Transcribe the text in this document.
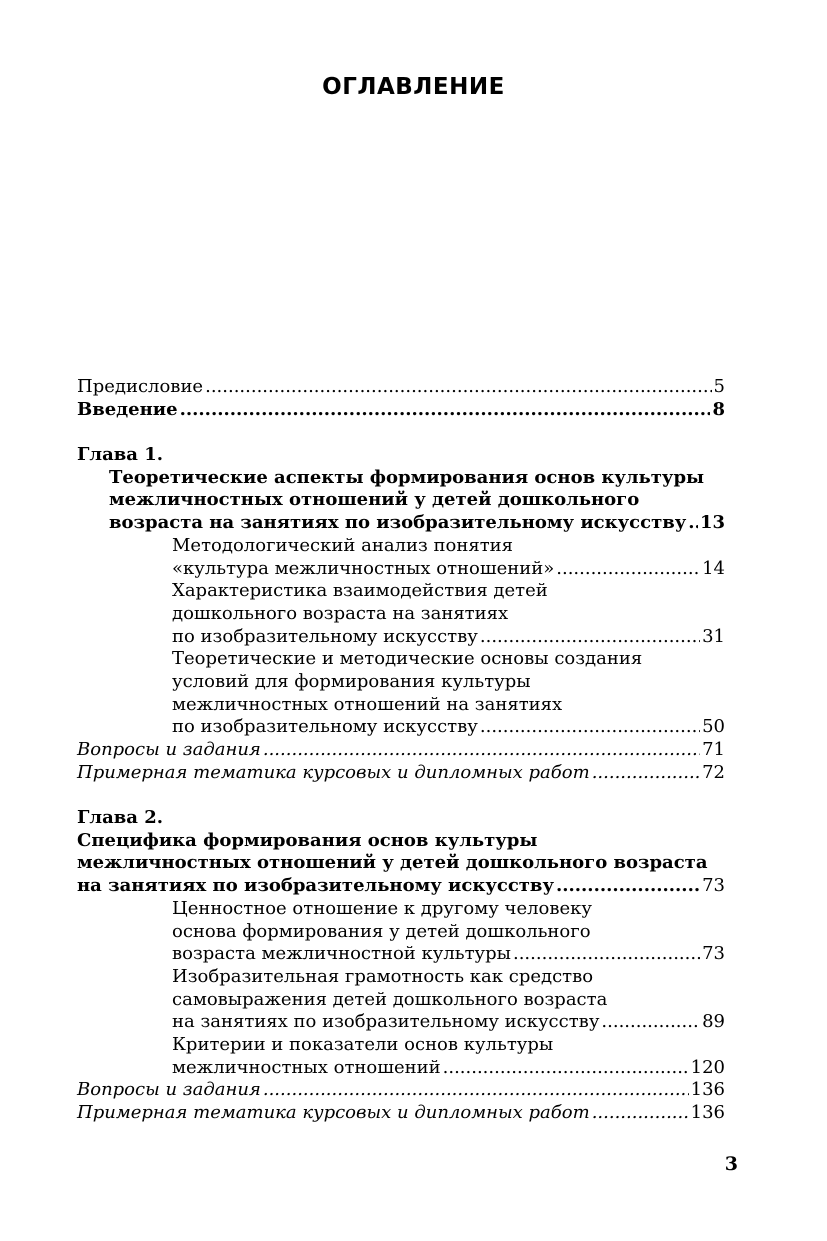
ОГЛАВЛЕНИЕ
Предисловие .....	5
Введение .....	8
Глава 1.
Теоретические аспекты формирования основ культуры
межличностных отношений у детей дошкольного
возраста на занятиях по изобразительному искусству ..... 13
Методологический анализ понятия
«культура межличностных отношений» .....	14
Характеристика взаимодействия детей
дошкольного возраста на занятиях
по изобразительному искусству .....	31
Теоретические и методические основы создания
условий для формирования культуры
межличностных отношений на занятиях
по изобразительному искусству .....	50
Вопросы и задания .....	71
Примерная тематика курсовых и дипломных работ .....	72
Глава 2.
Специфика формирования основ культуры
межличностных отношений у детей дошкольного возраста
на занятиях по изобразительному искусству .....	73
Ценностное отношение к другому человеку
основа формирования у детей дошкольного
возраста межличностной культуры .....	73
Изобразительная грамотность как средство
самовыражения детей дошкольного возраста
на занятиях по изобразительному искусству .....	89
Критерии и показатели основ культуры
межличностных отношений .....	120
Вопросы и задания .....	136
Примерная тематика курсовых и дипломных работ .....	136
3
